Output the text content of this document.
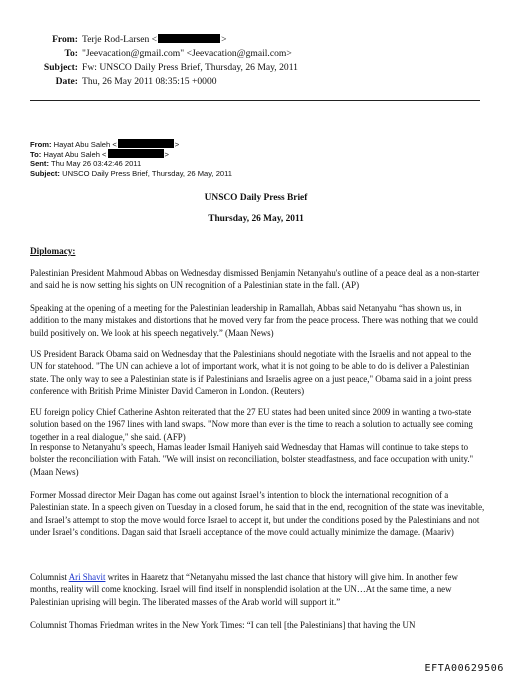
From: Terje Rod-Larsen <	>
To: "Jeevacation@gmail.com" <Jeevacation@gmail.com>
Subject: Fw: UNSCO Daily Press Brief, Thursday, 26 May, 2011
Date: Thu, 26 May 2011 08:35:15 +0000
From: Hayat Abu Saleh <	>
To: Hayat Abu Saleh <	>
Sent: Thu May 26 03:42:46 2011
Subject: UNSCO Daily Press Brief, Thursday, 26 May, 2011
UNSCO Daily Press Brief
Thursday, 26 May, 2011
Diplomacy:
Palestinian President Mahmoud Abbas on Wednesday dismissed Benjamin Netanyahu's outline of a peace deal as a non-starter and said he is now setting his sights on UN recognition of a Palestinian state in the fall. (AP)
Speaking at the opening of a meeting for the Palestinian leadership in Ramallah, Abbas said Netanyahu “has shown us, in addition to the many mistakes and distortions that he moved very far from the peace process. There was nothing that we could build positively on. We look at his speech negatively.” (Maan News)
US President Barack Obama said on Wednesday that the Palestinians should negotiate with the Israelis and not appeal to the UN for statehood. "The UN can achieve a lot of important work, what it is not going to be able to do is deliver a Palestinian state. The only way to see a Palestinian state is if Palestinians and Israelis agree on a just peace," Obama said in a joint press conference with British Prime Minister David Cameron in London. (Reuters)
EU foreign policy Chief Catherine Ashton reiterated that the 27 EU states had been united since 2009 in wanting a two-state solution based on the 1967 lines with land swaps. "Now more than ever is the time to reach a solution to actually see coming together in a real dialogue," she said. (AFP)
In response to Netanyahu’s speech, Hamas leader Ismail Haniyeh said Wednesday that Hamas will continue to take steps to bolster the reconciliation with Fatah. "We will insist on reconciliation, bolster steadfastness, and face occupation with unity." (Maan News)
Former Mossad director Meir Dagan has come out against Israel’s intention to block the international recognition of a Palestinian state. In a speech given on Tuesday in a closed forum, he said that in the end, recognition of the state was inevitable, and Israel’s attempt to stop the move would force Israel to accept it, but under the conditions posed by the Palestinians and not under Israel’s conditions. Dagan said that Israeli acceptance of the move could actually minimize the damage. (Maariv)
Columnist Ari Shavit writes in Haaretz that “Netanyahu missed the last chance that history will give him. In another few months, reality will come knocking. Israel will find itself in nonsplendid isolation at the UN…At the same time, a new Palestinian uprising will begin. The liberated masses of the Arab world will support it.”
Columnist Thomas Friedman writes in the New York Times: “I can tell [the Palestinians] that having the UN
EFTA00629506
